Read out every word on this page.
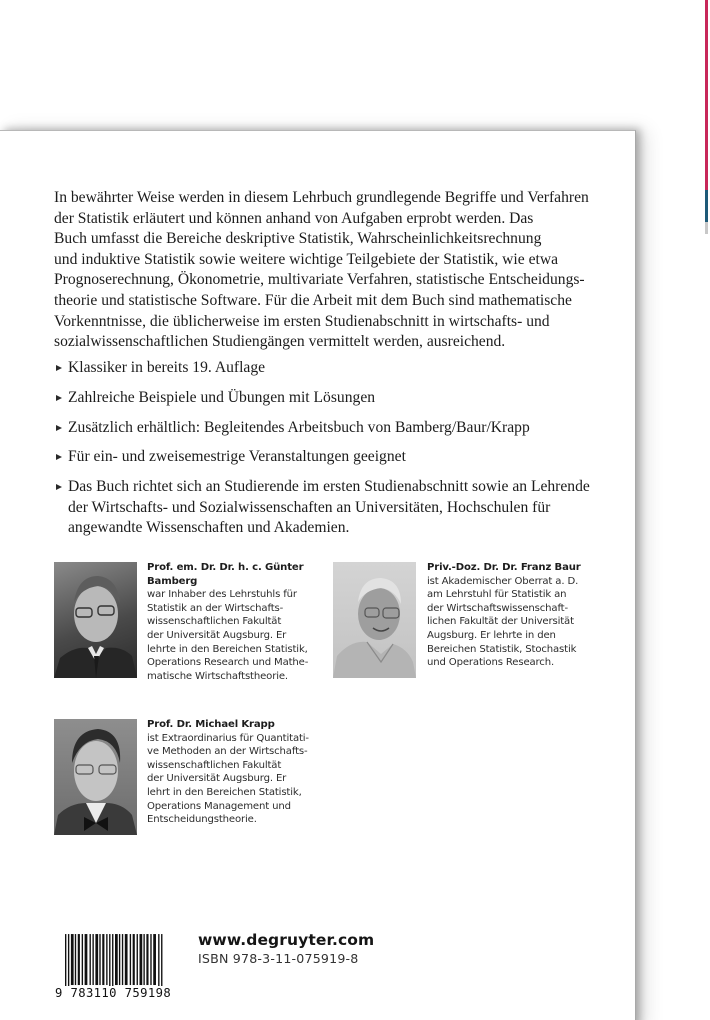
In bewährter Weise werden in diesem Lehrbuch grundlegende Begriffe und Verfahren
der Statistik erläutert und können anhand von Aufgaben erprobt werden. Das
Buch umfasst die Bereiche deskriptive Statistik, Wahrscheinlichkeitsrechnung
und induktive Statistik sowie weitere wichtige Teilgebiete der Statistik, wie etwa
Prognoserechnung, Ökonometrie, multivariate Verfahren, statistische Entscheidungs-
theorie und statistische Software. Für die Arbeit mit dem Buch sind mathematische
Vorkenntnisse, die üblicherweise im ersten Studienabschnitt in wirtschafts- und
sozialwissenschaftlichen Studiengängen vermittelt werden, ausreichend.
Klassiker in bereits 19. Auflage
Zahlreiche Beispiele und Übungen mit Lösungen
Zusätzlich erhältlich: Begleitendes Arbeitsbuch von Bamberg/Baur/Krapp
Für ein- und zweisemestrige Veranstaltungen geeignet
Das Buch richtet sich an Studierende im ersten Studienabschnitt sowie an Lehrende
der Wirtschafts- und Sozialwissenschaften an Universitäten, Hochschulen für
angewandte Wissenschaften und Akademien.
Prof. em. Dr. Dr. h. c. Günter
Bamberg
war Inhaber des Lehrstuhls für
Statistik an der Wirtschafts-
wissenschaftlichen Fakultät
der Universität Augsburg. Er
lehrte in den Bereichen Statistik,
Operations Research und Mathe-
matische Wirtschaftstheorie.
Priv.-Doz. Dr. Dr. Franz Baur
ist Akademischer Oberrat a. D.
am Lehrstuhl für Statistik an
der Wirtschaftswissenschaft-
lichen Fakultät der Universität
Augsburg. Er lehrte in den
Bereichen Statistik, Stochastik
und Operations Research.
Prof. Dr. Michael Krapp
ist Extraordinarius für Quantitati-
ve Methoden an der Wirtschafts-
wissenschaftlichen Fakultät
der Universität Augsburg. Er
lehrt in den Bereichen Statistik,
Operations Management und
Entscheidungstheorie.
9 783110 759198
www.degruyter.com
ISBN 978-3-11-075919-8
